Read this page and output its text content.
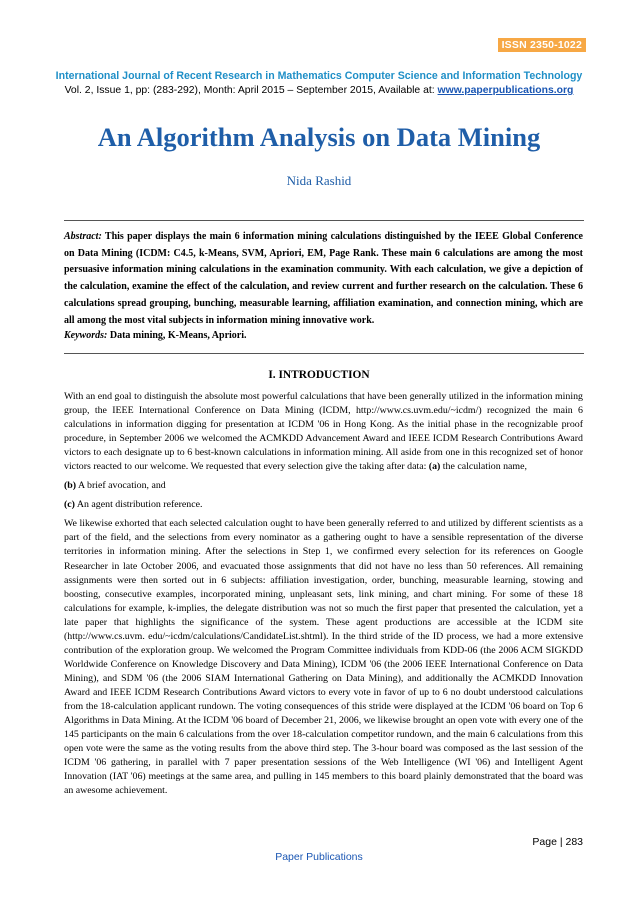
ISSN 2350-1022
International Journal of Recent Research in Mathematics Computer Science and Information Technology
Vol. 2, Issue 1, pp: (283-292), Month: April 2015 – September 2015, Available at: www.paperpublications.org
An Algorithm Analysis on Data Mining
Nida Rashid
Abstract: This paper displays the main 6 information mining calculations distinguished by the IEEE Global Conference on Data Mining (ICDM: C4.5, k-Means, SVM, Apriori, EM, Page Rank. These main 6 calculations are among the most persuasive information mining calculations in the examination community. With each calculation, we give a depiction of the calculation, examine the effect of the calculation, and review current and further research on the calculation. These 6 calculations spread grouping, bunching, measurable learning, affiliation examination, and connection mining, which are all among the most vital subjects in information mining innovative work.
Keywords: Data mining, K-Means, Apriori.
I. INTRODUCTION

With an end goal to distinguish the absolute most powerful calculations that have been generally utilized in the information mining group, the IEEE International Conference on Data Mining (ICDM, http://www.cs.uvm.edu/~icdm/) recognized the main 6 calculations in information digging for presentation at ICDM '06 in Hong Kong. As the initial phase in the recognizable proof procedure, in September 2006 we welcomed the ACMKDD Advancement Award and IEEE ICDM Research Contributions Award victors to each designate up to 6 best-known calculations in information mining. All aside from one in this recognized set of honor victors reacted to our welcome. We requested that every selection give the taking after data: (a) the calculation name,

(b) A brief avocation, and

(c) An agent distribution reference.

We likewise exhorted that each selected calculation ought to have been generally referred to and utilized by different scientists as a part of the field, and the selections from every nominator as a gathering ought to have a sensible representation of the diverse territories in information mining. After the selections in Step 1, we confirmed every selection for its references on Google Researcher in late October 2006, and evacuated those assignments that did not have no less than 50 references. All remaining assignments were then sorted out in 6 subjects: affiliation investigation, order, bunching, measurable learning, stowing and boosting, consecutive examples, incorporated mining, unpleasant sets, link mining, and chart mining. For some of these 18 calculations for example, k-implies, the delegate distribution was not so much the first paper that presented the calculation, yet a late paper that highlights the significance of the system. These agent productions are accessible at the ICDM site (http://www.cs.uvm. edu/~icdm/calculations/CandidateList.shtml). In the third stride of the ID process, we had a more extensive contribution of the exploration group. We welcomed the Program Committee individuals from KDD-06 (the 2006 ACM SIGKDD Worldwide Conference on Knowledge Discovery and Data Mining), ICDM '06 (the 2006 IEEE International Conference on Data Mining), and SDM '06 (the 2006 SIAM International Gathering on Data Mining), and additionally the ACMKDD Innovation Award and IEEE ICDM Research Contributions Award victors to every vote in favor of up to 6 no doubt understood calculations from the 18-calculation applicant rundown. The voting consequences of this stride were displayed at the ICDM '06 board on Top 6 Algorithms in Data Mining. At the ICDM '06 board of December 21, 2006, we likewise brought an open vote with every one of the 145 participants on the main 6 calculations from the over 18-calculation competitor rundown, and the main 6 calculations from this open vote were the same as the voting results from the above third step. The 3-hour board was composed as the last session of the ICDM '06 gathering, in parallel with 7 paper presentation sessions of the Web Intelligence (WI '06) and Intelligent Agent Innovation (IAT '06) meetings at the same area, and pulling in 145 members to this board plainly demonstrated that the board was an awesome achievement.

Page | 283
Paper Publications
